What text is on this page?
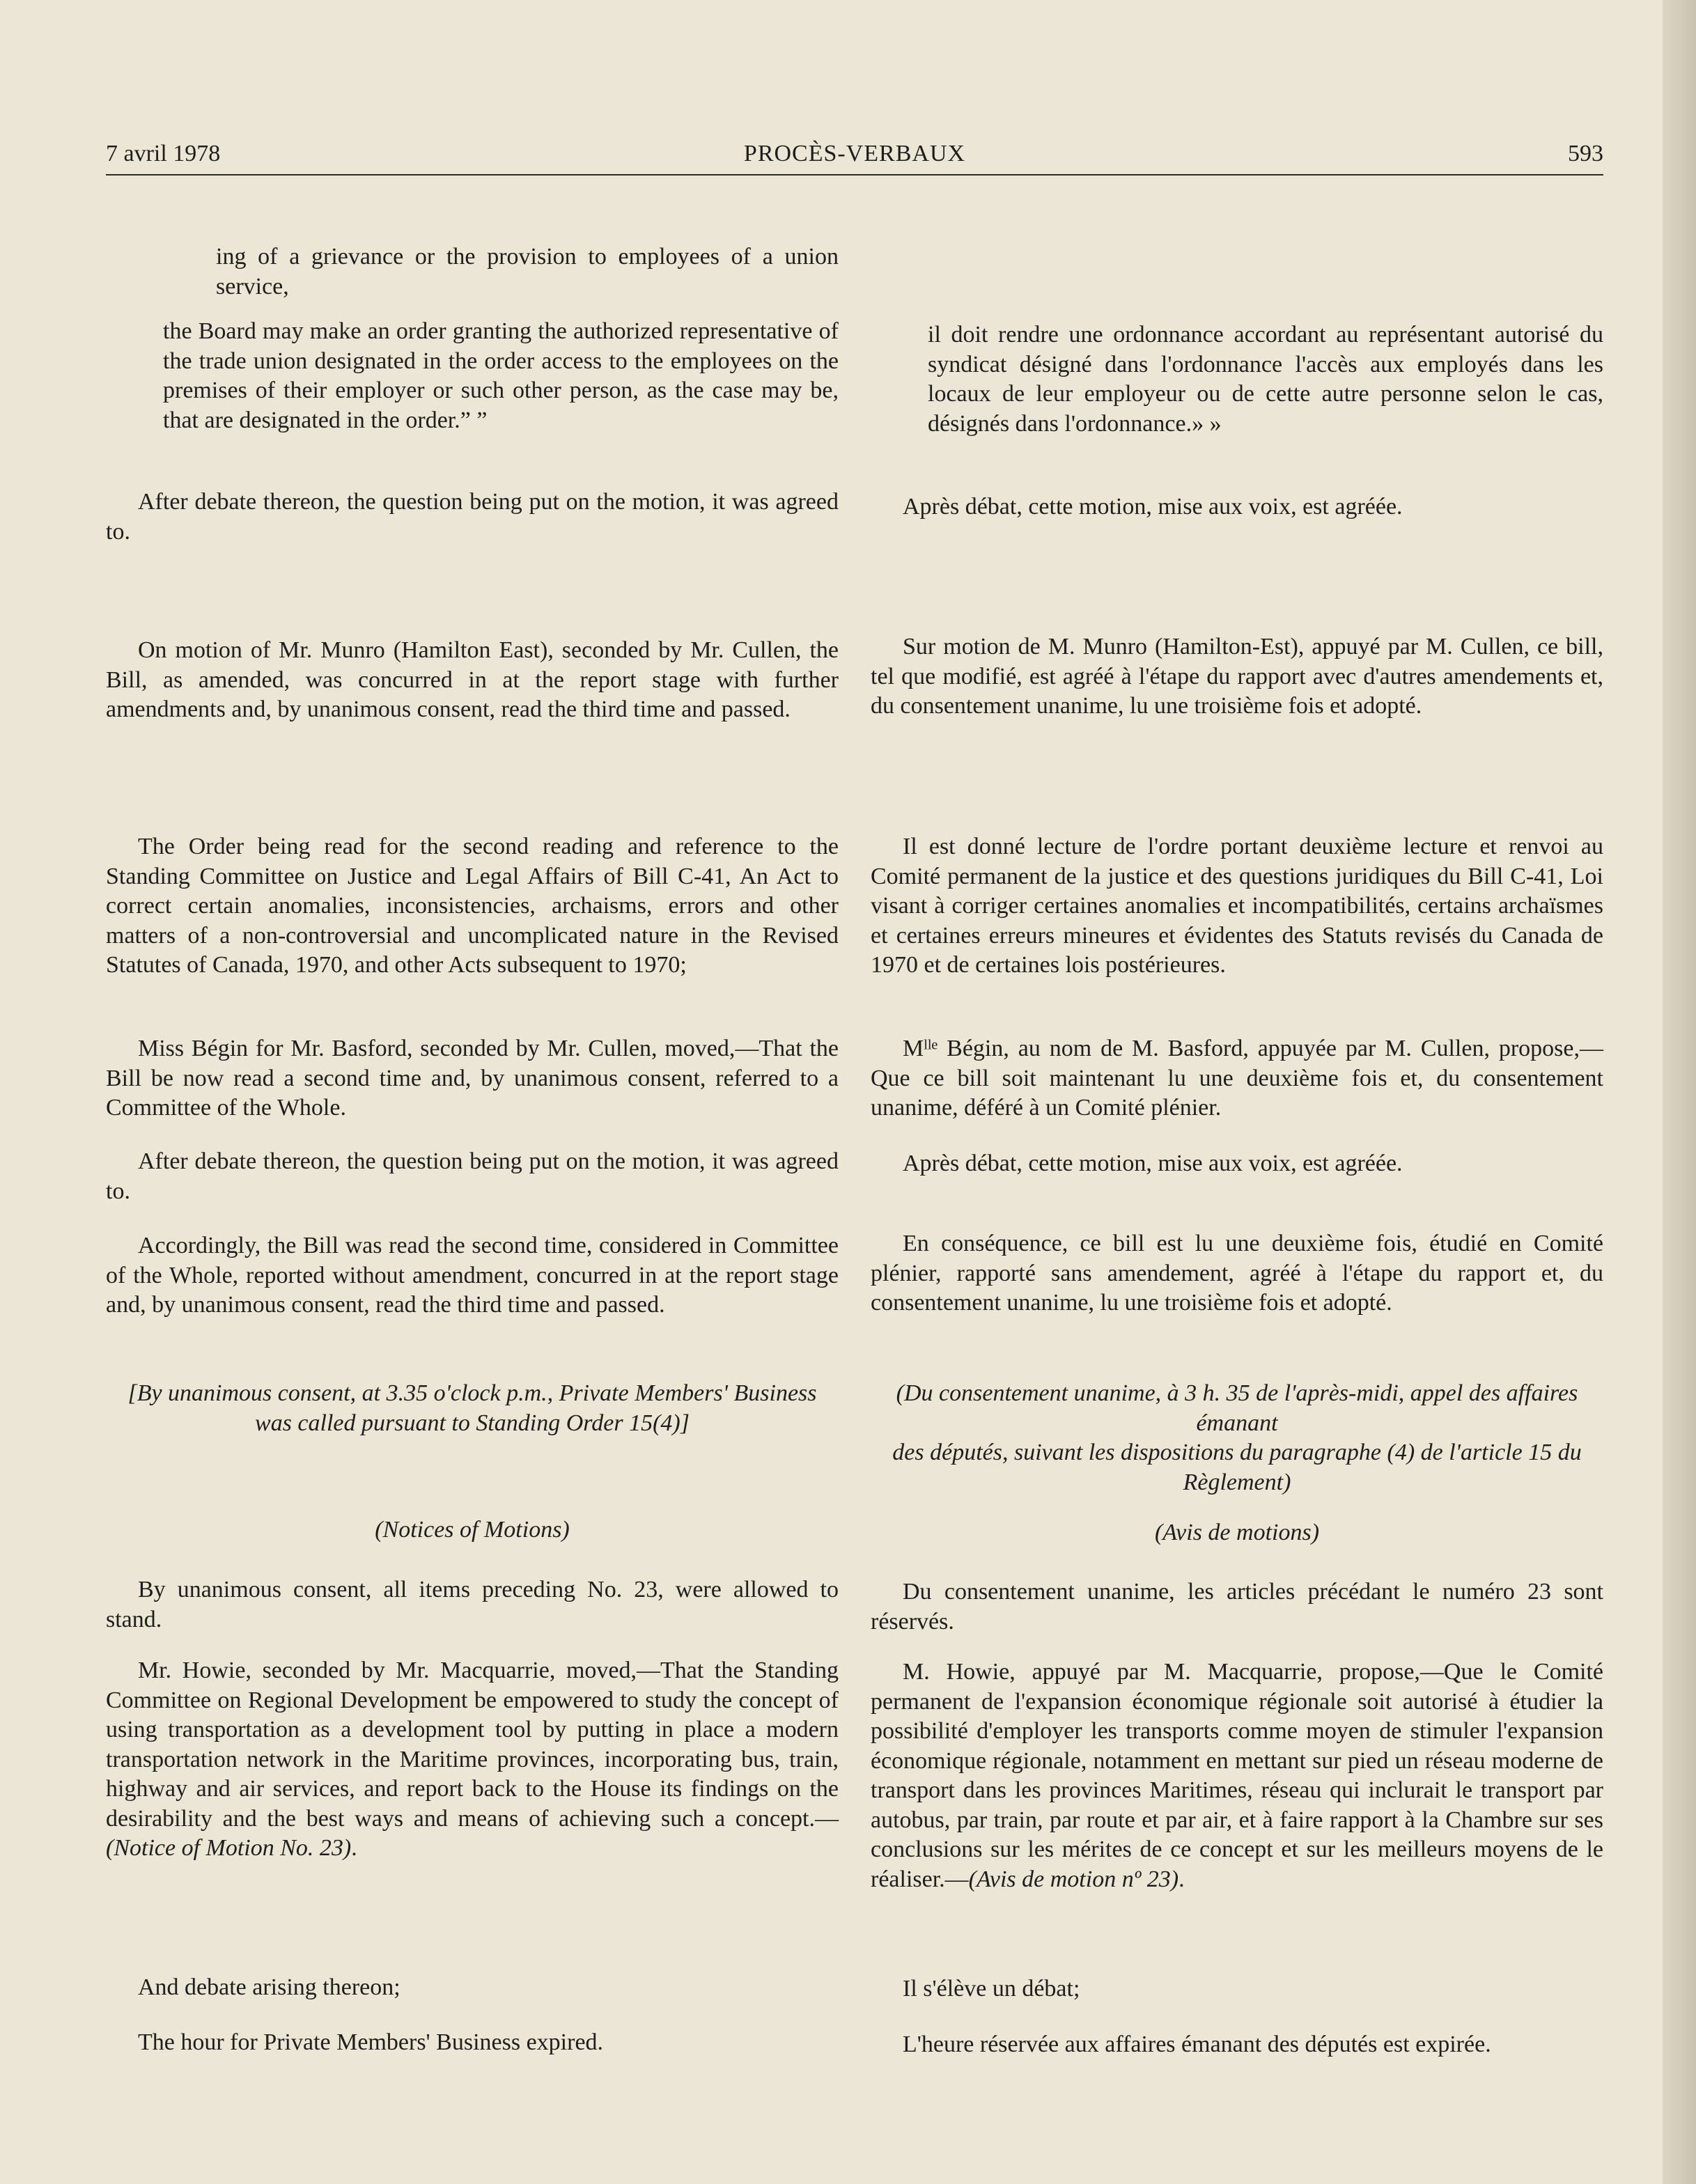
7 avril 1978	PROCÈS-VERBAUX	593
ing of a grievance or the provision to employees of a union service,
the Board may make an order granting the authorized representative of the trade union designated in the order access to the employees on the premises of their employer or such other person, as the case may be, that are designated in the order.” ”
After debate thereon, the question being put on the motion, it was agreed to.
On motion of Mr. Munro (Hamilton East), seconded by Mr. Cullen, the Bill, as amended, was concurred in at the report stage with further amendments and, by unanimous consent, read the third time and passed.
The Order being read for the second reading and reference to the Standing Committee on Justice and Legal Affairs of Bill C-41, An Act to correct certain anomalies, inconsistencies, archaisms, errors and other matters of a non-controversial and uncomplicated nature in the Revised Statutes of Canada, 1970, and other Acts subsequent to 1970;
Miss Bégin for Mr. Basford, seconded by Mr. Cullen, moved,—That the Bill be now read a second time and, by unanimous consent, referred to a Committee of the Whole.
After debate thereon, the question being put on the motion, it was agreed to.
Accordingly, the Bill was read the second time, considered in Committee of the Whole, reported without amendment, concurred in at the report stage and, by unanimous consent, read the third time and passed.
[By unanimous consent, at 3.35 o'clock p.m., Private Members' Business was called pursuant to Standing Order 15(4)]
(Notices of Motions)
By unanimous consent, all items preceding No. 23, were allowed to stand.
Mr. Howie, seconded by Mr. Macquarrie, moved,—That the Standing Committee on Regional Development be empowered to study the concept of using transportation as a development tool by putting in place a modern transportation network in the Maritime provinces, incorporating bus, train, highway and air services, and report back to the House its findings on the desirability and the best ways and means of achieving such a concept.—(Notice of Motion No. 23).
And debate arising thereon;
The hour for Private Members' Business expired.
il doit rendre une ordonnance accordant au représentant autorisé du syndicat désigné dans l'ordonnance l'accès aux employés dans les locaux de leur employeur ou de cette autre personne selon le cas, désignés dans l'ordonnance.» »
Après débat, cette motion, mise aux voix, est agréée.
Sur motion de M. Munro (Hamilton-Est), appuyé par M. Cullen, ce bill, tel que modifié, est agréé à l'étape du rapport avec d'autres amendements et, du consentement unanime, lu une troisième fois et adopté.
Il est donné lecture de l'ordre portant deuxième lecture et renvoi au Comité permanent de la justice et des questions juridiques du Bill C-41, Loi visant à corriger certaines anomalies et incompatibilités, certains archaïsmes et certaines erreurs mineures et évidentes des Statuts revisés du Canada de 1970 et de certaines lois postérieures.
Mˡˡᵉ Bégin, au nom de M. Basford, appuyée par M. Cullen, propose,—Que ce bill soit maintenant lu une deuxième fois et, du consentement unanime, déféré à un Comité plénier.
Après débat, cette motion, mise aux voix, est agréée.
En conséquence, ce bill est lu une deuxième fois, étudié en Comité plénier, rapporté sans amendement, agréé à l'étape du rapport et, du consentement unanime, lu une troisième fois et adopté.
(Du consentement unanime, à 3 h. 35 de l'après-midi, appel des affaires émanant
des députés, suivant les dispositions du paragraphe (4) de l'article 15 du Règlement)
(Avis de motions)
Du consentement unanime, les articles précédant le numéro 23 sont réservés.
M. Howie, appuyé par M. Macquarrie, propose,—Que le Comité permanent de l'expansion économique régionale soit autorisé à étudier la possibilité d'employer les transports comme moyen de stimuler l'expansion économique régionale, notamment en mettant sur pied un réseau moderne de transport dans les provinces Maritimes, réseau qui inclurait le transport par autobus, par train, par route et par air, et à faire rapport à la Chambre sur ses conclusions sur les mérites de ce concept et sur les meilleurs moyens de le réaliser.—(Avis de motion nº 23).
Il s'élève un débat;
L'heure réservée aux affaires émanant des députés est expirée.
